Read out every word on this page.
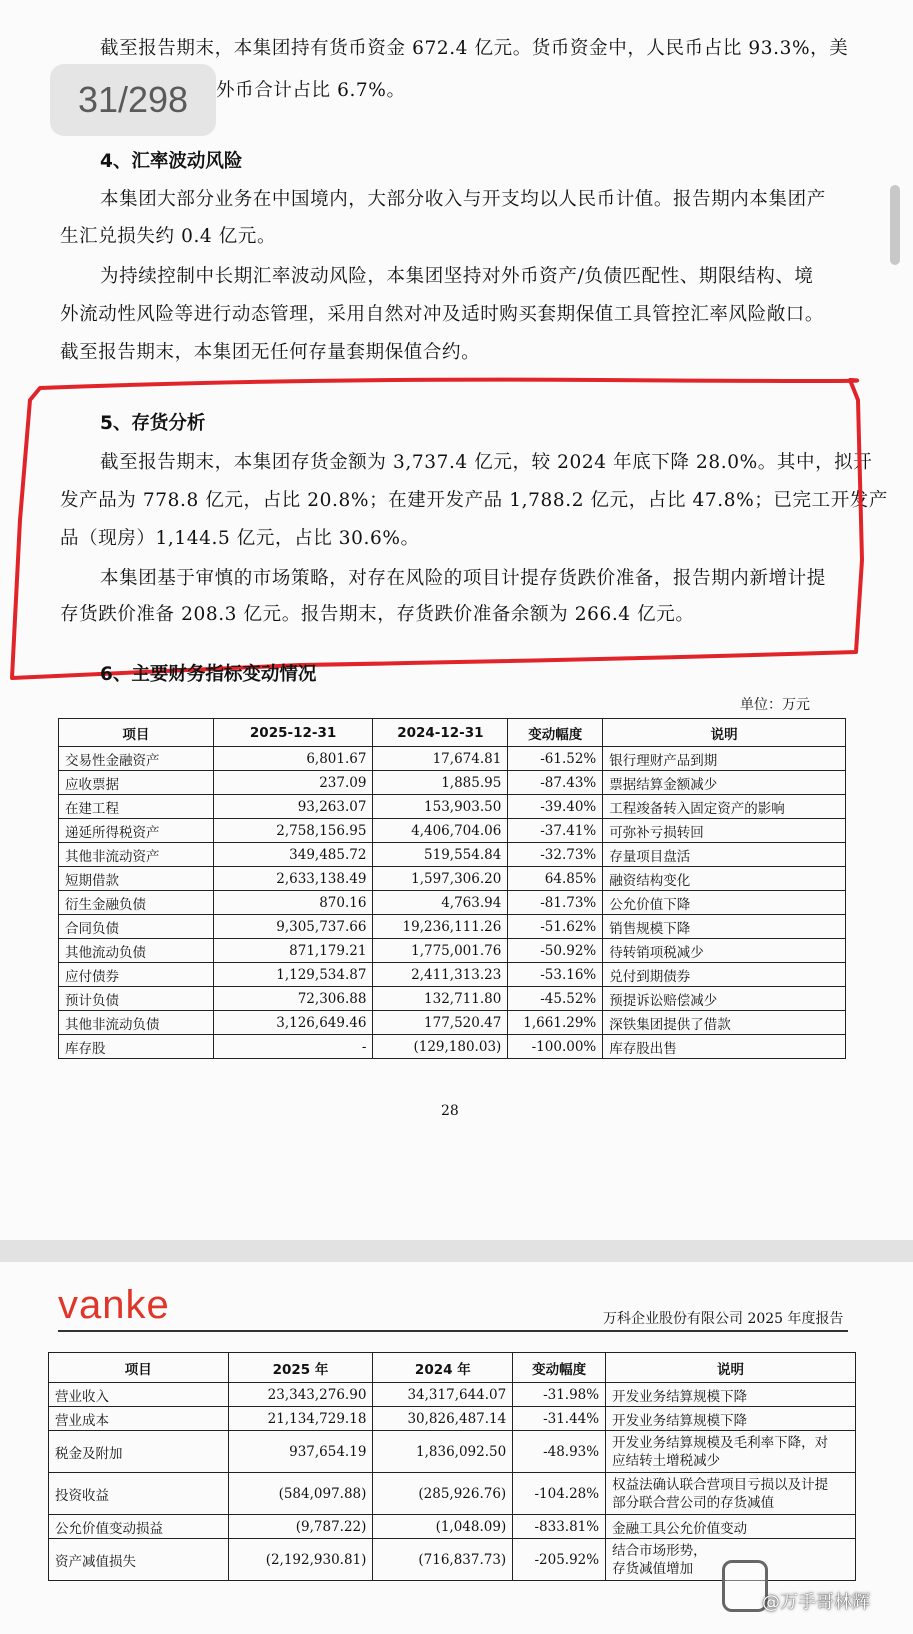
截至报告期末，本集团持有货币资金 672.4 亿元。货币资金中，人民币占比 93.3%，美
外币合计占比 6.7%。
4、汇率波动风险
本集团大部分业务在中国境内，大部分收入与开支均以人民币计值。报告期内本集团产
生汇兑损失约 0.4 亿元。
为持续控制中长期汇率波动风险，本集团坚持对外币资产/负债匹配性、期限结构、境
外流动性风险等进行动态管理，采用自然对冲及适时购买套期保值工具管控汇率风险敞口。
截至报告期末，本集团无任何存量套期保值合约。
5、存货分析
截至报告期末，本集团存货金额为 3,737.4 亿元，较 2024 年底下降 28.0%。其中，拟开
发产品为 778.8 亿元，占比 20.8%；在建开发产品 1,788.2 亿元，占比 47.8%；已完工开发产
品（现房）1,144.5 亿元，占比 30.6%。
本集团基于审慎的市场策略，对存在风险的项目计提存货跌价准备，报告期内新增计提
存货跌价准备 208.3 亿元。报告期末，存货跌价准备余额为 266.4 亿元。
6、主要财务指标变动情况
单位：万元
项目	2025-12-31	2024-12-31	变动幅度	说明
交易性金融资产	6,801.67	17,674.81	-61.52%	银行理财产品到期
应收票据	237.09	1,885.95	-87.43%	票据结算金额减少
在建工程	93,263.07	153,903.50	-39.40%	工程竣备转入固定资产的影响
递延所得税资产	2,758,156.95	4,406,704.06	-37.41%	可弥补亏损转回
其他非流动资产	349,485.72	519,554.84	-32.73%	存量项目盘活
短期借款	2,633,138.49	1,597,306.20	64.85%	融资结构变化
衍生金融负债	870.16	4,763.94	-81.73%	公允价值下降
合同负债	9,305,737.66	19,236,111.26	-51.62%	销售规模下降
其他流动负债	871,179.21	1,775,001.76	-50.92%	待转销项税减少
应付债券	1,129,534.87	2,411,313.23	-53.16%	兑付到期债券
预计负债	72,306.88	132,711.80	-45.52%	预提诉讼赔偿减少
其他非流动负债	3,126,649.46	177,520.47	1,661.29%	深铁集团提供了借款
库存股	-	(129,180.03)	-100.00%	库存股出售
28
31/298
vanke	万科企业股份有限公司 2025 年度报告
项目	2025 年	2024 年	变动幅度	说明
营业收入	23,343,276.90	34,317,644.07	-31.98%	开发业务结算规模下降
营业成本	21,134,729.18	30,826,487.14	-31.44%	开发业务结算规模下降
税金及附加	937,654.19	1,836,092.50	-48.93%	开发业务结算规模及毛利率下降，对
应结转土增税减少

投资收益	(584,097.88)	(285,926.76)	-104.28%	权益法确认联合营项目亏损以及计提
部分联合营公司的存货减值

公允价值变动损益	(9,787.22)	(1,048.09)	-833.81%	金融工具公允价值变动
资产减值损失	(2,192,930.81)	(716,837.73)	-205.92%	结合市场形势，
存货减值增加
@万手哥林辉
